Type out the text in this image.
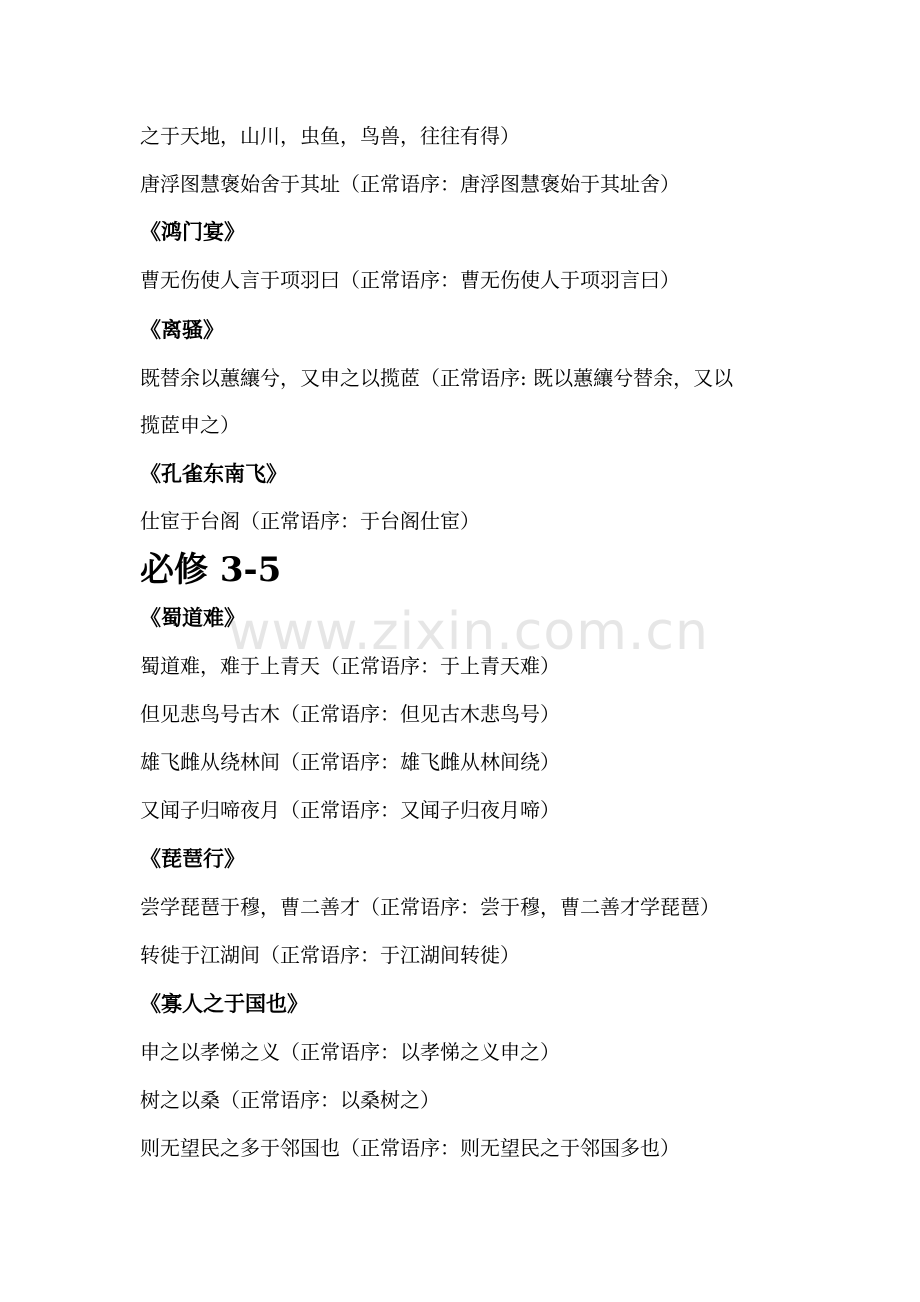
www.zixin.com.cn
之于天地，山川，虫鱼，鸟兽，往往有得）
唐浮图慧褒始舍于其址（正常语序：唐浮图慧褒始于其址舍）
《鸿门宴》
曹无伤使人言于项羽曰（正常语序：曹无伤使人于项羽言曰）
《离骚》
既替余以蕙纕兮，又申之以揽茝（正常语序: 既以蕙纕兮替余，又以
揽茝申之）
《孔雀东南飞》
仕宦于台阁（正常语序：于台阁仕宦）
必修 3-5
《蜀道难》
蜀道难，难于上青天（正常语序：于上青天难）
但见悲鸟号古木（正常语序：但见古木悲鸟号）
雄飞雌从绕林间（正常语序：雄飞雌从林间绕）
又闻子归啼夜月（正常语序：又闻子归夜月啼）
《琵琶行》
尝学琵琶于穆，曹二善才（正常语序：尝于穆，曹二善才学琵琶）
转徙于江湖间（正常语序：于江湖间转徙）
《寡人之于国也》
申之以孝悌之义（正常语序：以孝悌之义申之）
树之以桑（正常语序：以桑树之）
则无望民之多于邻国也（正常语序：则无望民之于邻国多也）
